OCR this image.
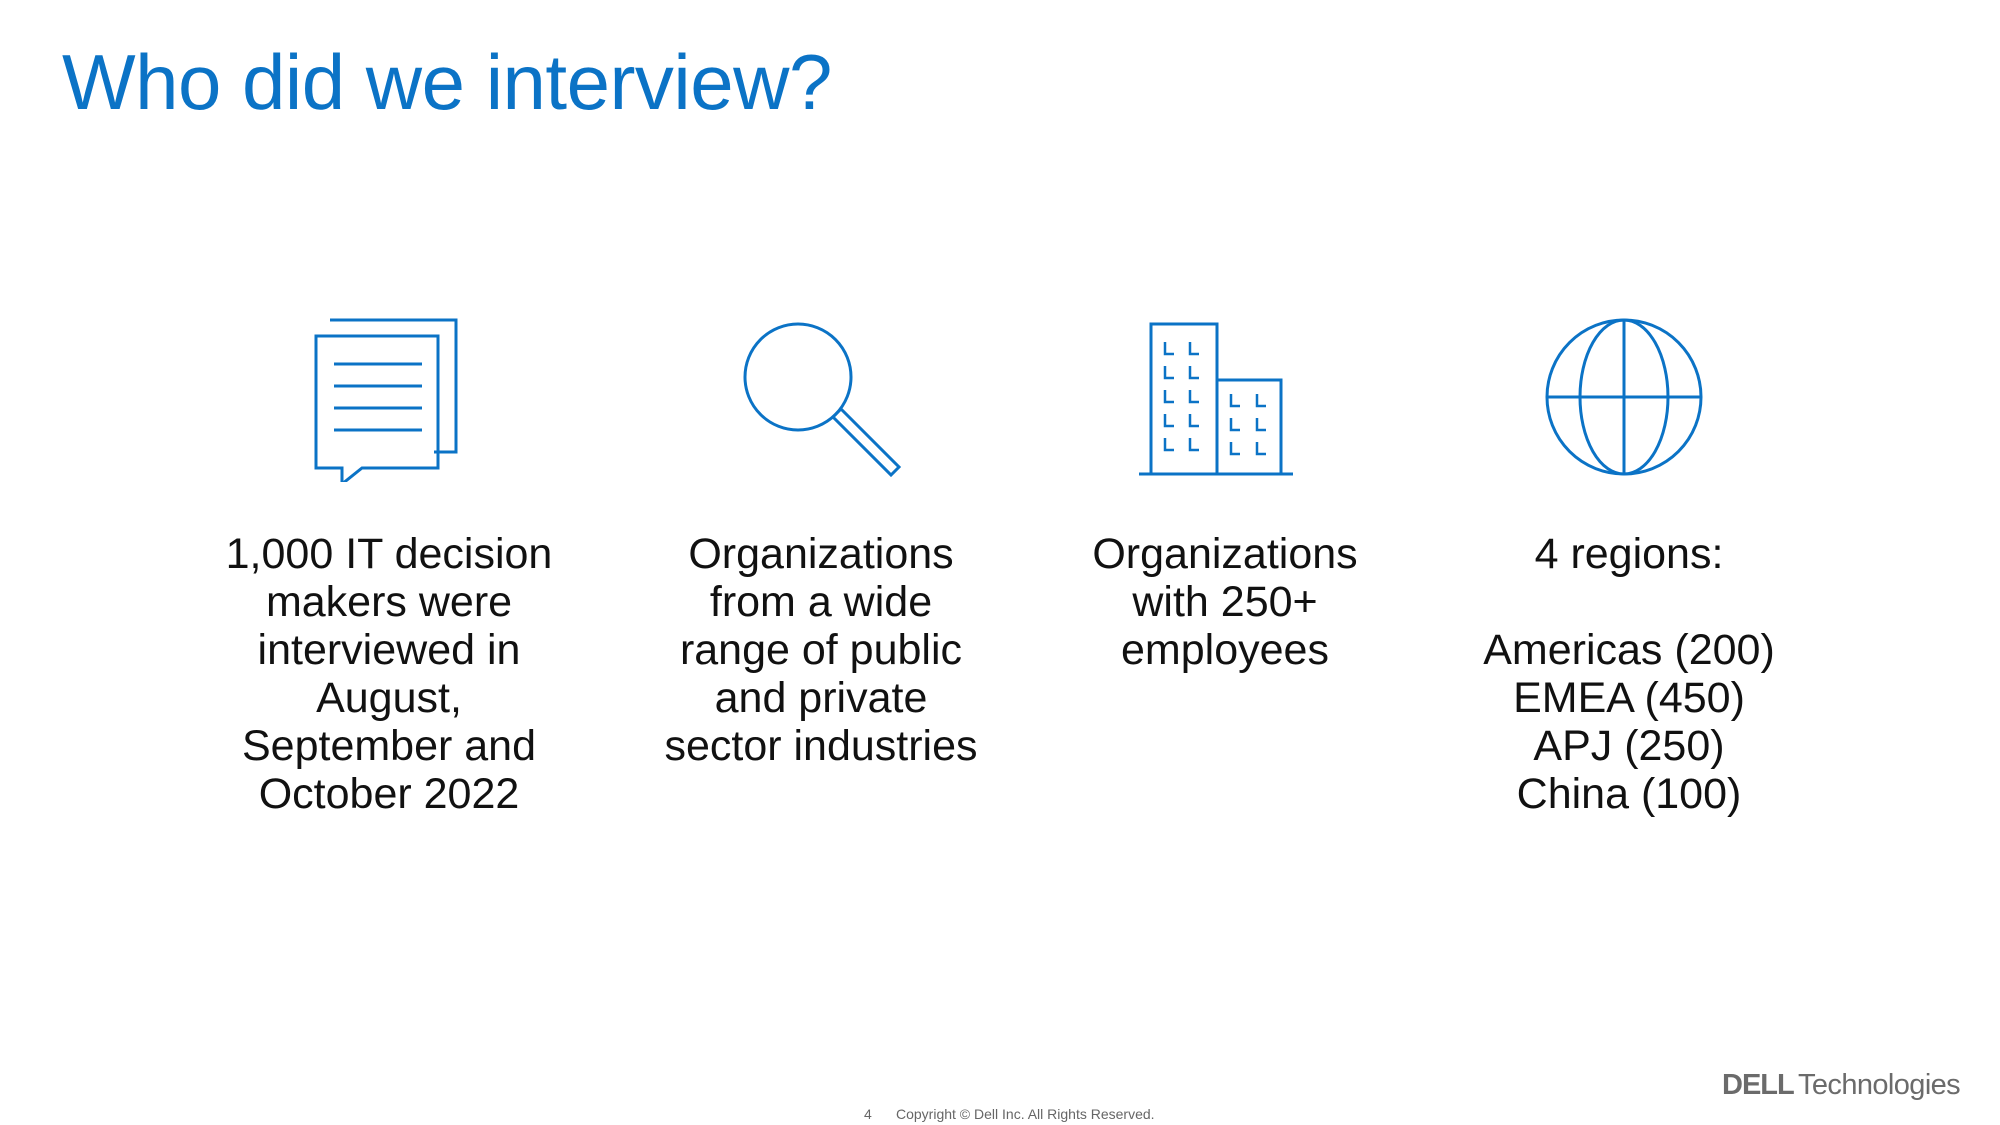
Who did we interview?
1,000 IT decision
makers were
interviewed in
August,
September and
October 2022
Organizations
from a wide
range of public
and private
sector industries
Organizations
with 250+
employees
4 regions:
Americas (200)
EMEA (450)
APJ (250)
China (100)
4 Copyright © Dell Inc. All Rights Reserved.
DELL Technologies
